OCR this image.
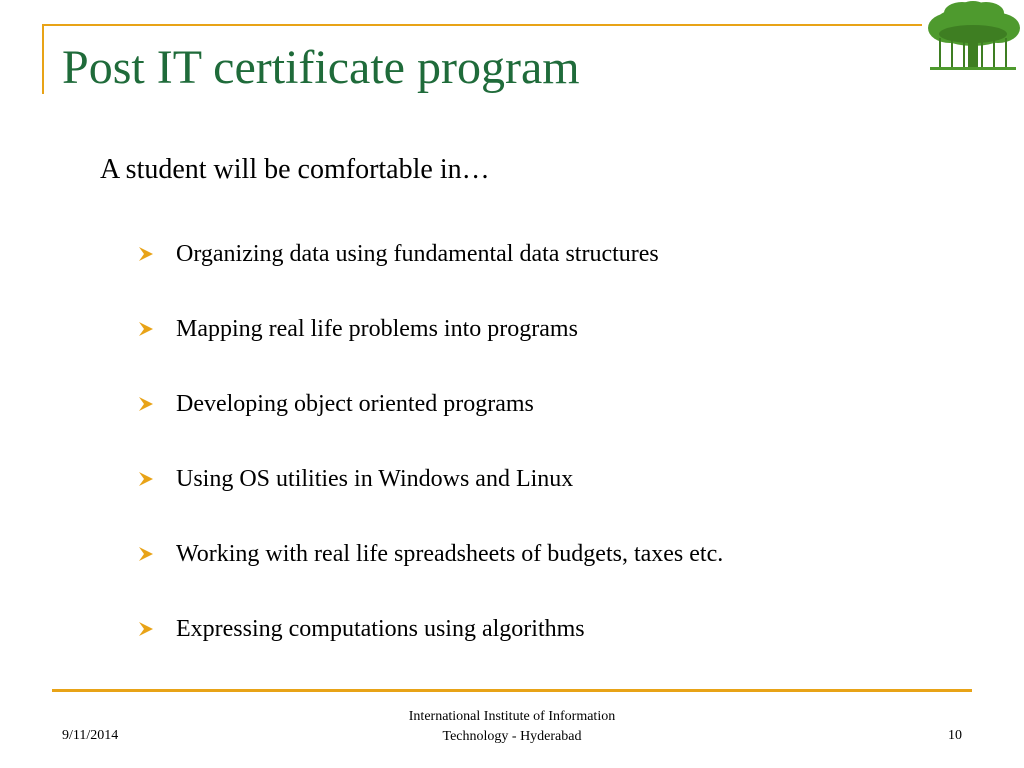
Post IT certificate program
A student will be comfortable in…
Organizing data using fundamental data structures
Mapping real life problems into programs
Developing object oriented programs
Using OS utilities in Windows and Linux
Working with real life spreadsheets of budgets, taxes etc.
Expressing computations using algorithms
9/11/2014
International Institute of Information
Technology - Hyderabad	10
